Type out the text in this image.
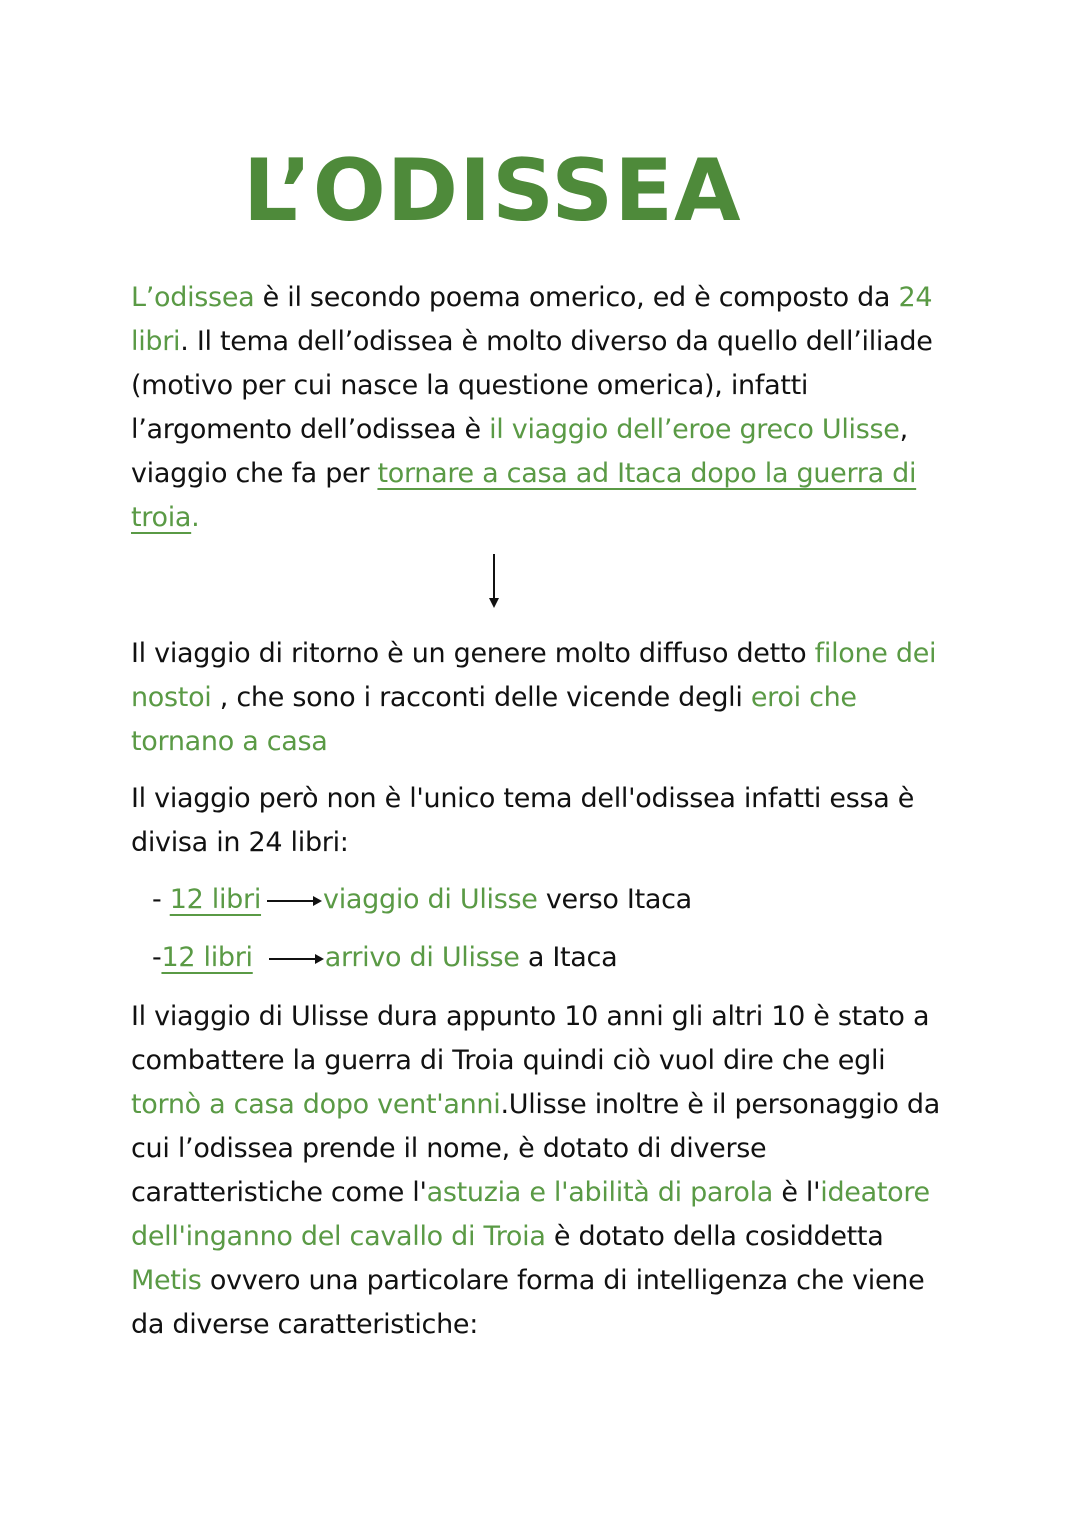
L’ODISSEA

L’odissea è il secondo poema omerico, ed è composto da 24 libri. Il tema dell’odissea è molto diverso da quello dell’iliade (motivo per cui nasce la questione omerica), infatti l’argomento dell’odissea è il viaggio dell’eroe greco Ulisse, viaggio che fa per tornare a casa ad Itaca dopo la guerra di troia.

Il viaggio di ritorno è un genere molto diffuso detto filone dei nostoi , che sono i racconti delle vicende degli eroi che tornano a casa

Il viaggio però non è l'unico tema dell'odissea infatti essa è divisa in 24 libri:

- 12 libri viaggio di Ulisse verso Itaca
-12 libri	arrivo di Ulisse a Itaca

Il viaggio di Ulisse dura appunto 10 anni gli altri 10 è stato a combattere la guerra di Troia quindi ciò vuol dire che egli tornò a casa dopo vent'anni.Ulisse inoltre è il personaggio da cui l’odissea prende il nome, è dotato di diverse caratteristiche come l'astuzia e l'abilità di parola è l'ideatore dell'inganno del cavallo di Troia è dotato della cosiddetta Metis ovvero una particolare forma di intelligenza che viene da diverse caratteristiche:
